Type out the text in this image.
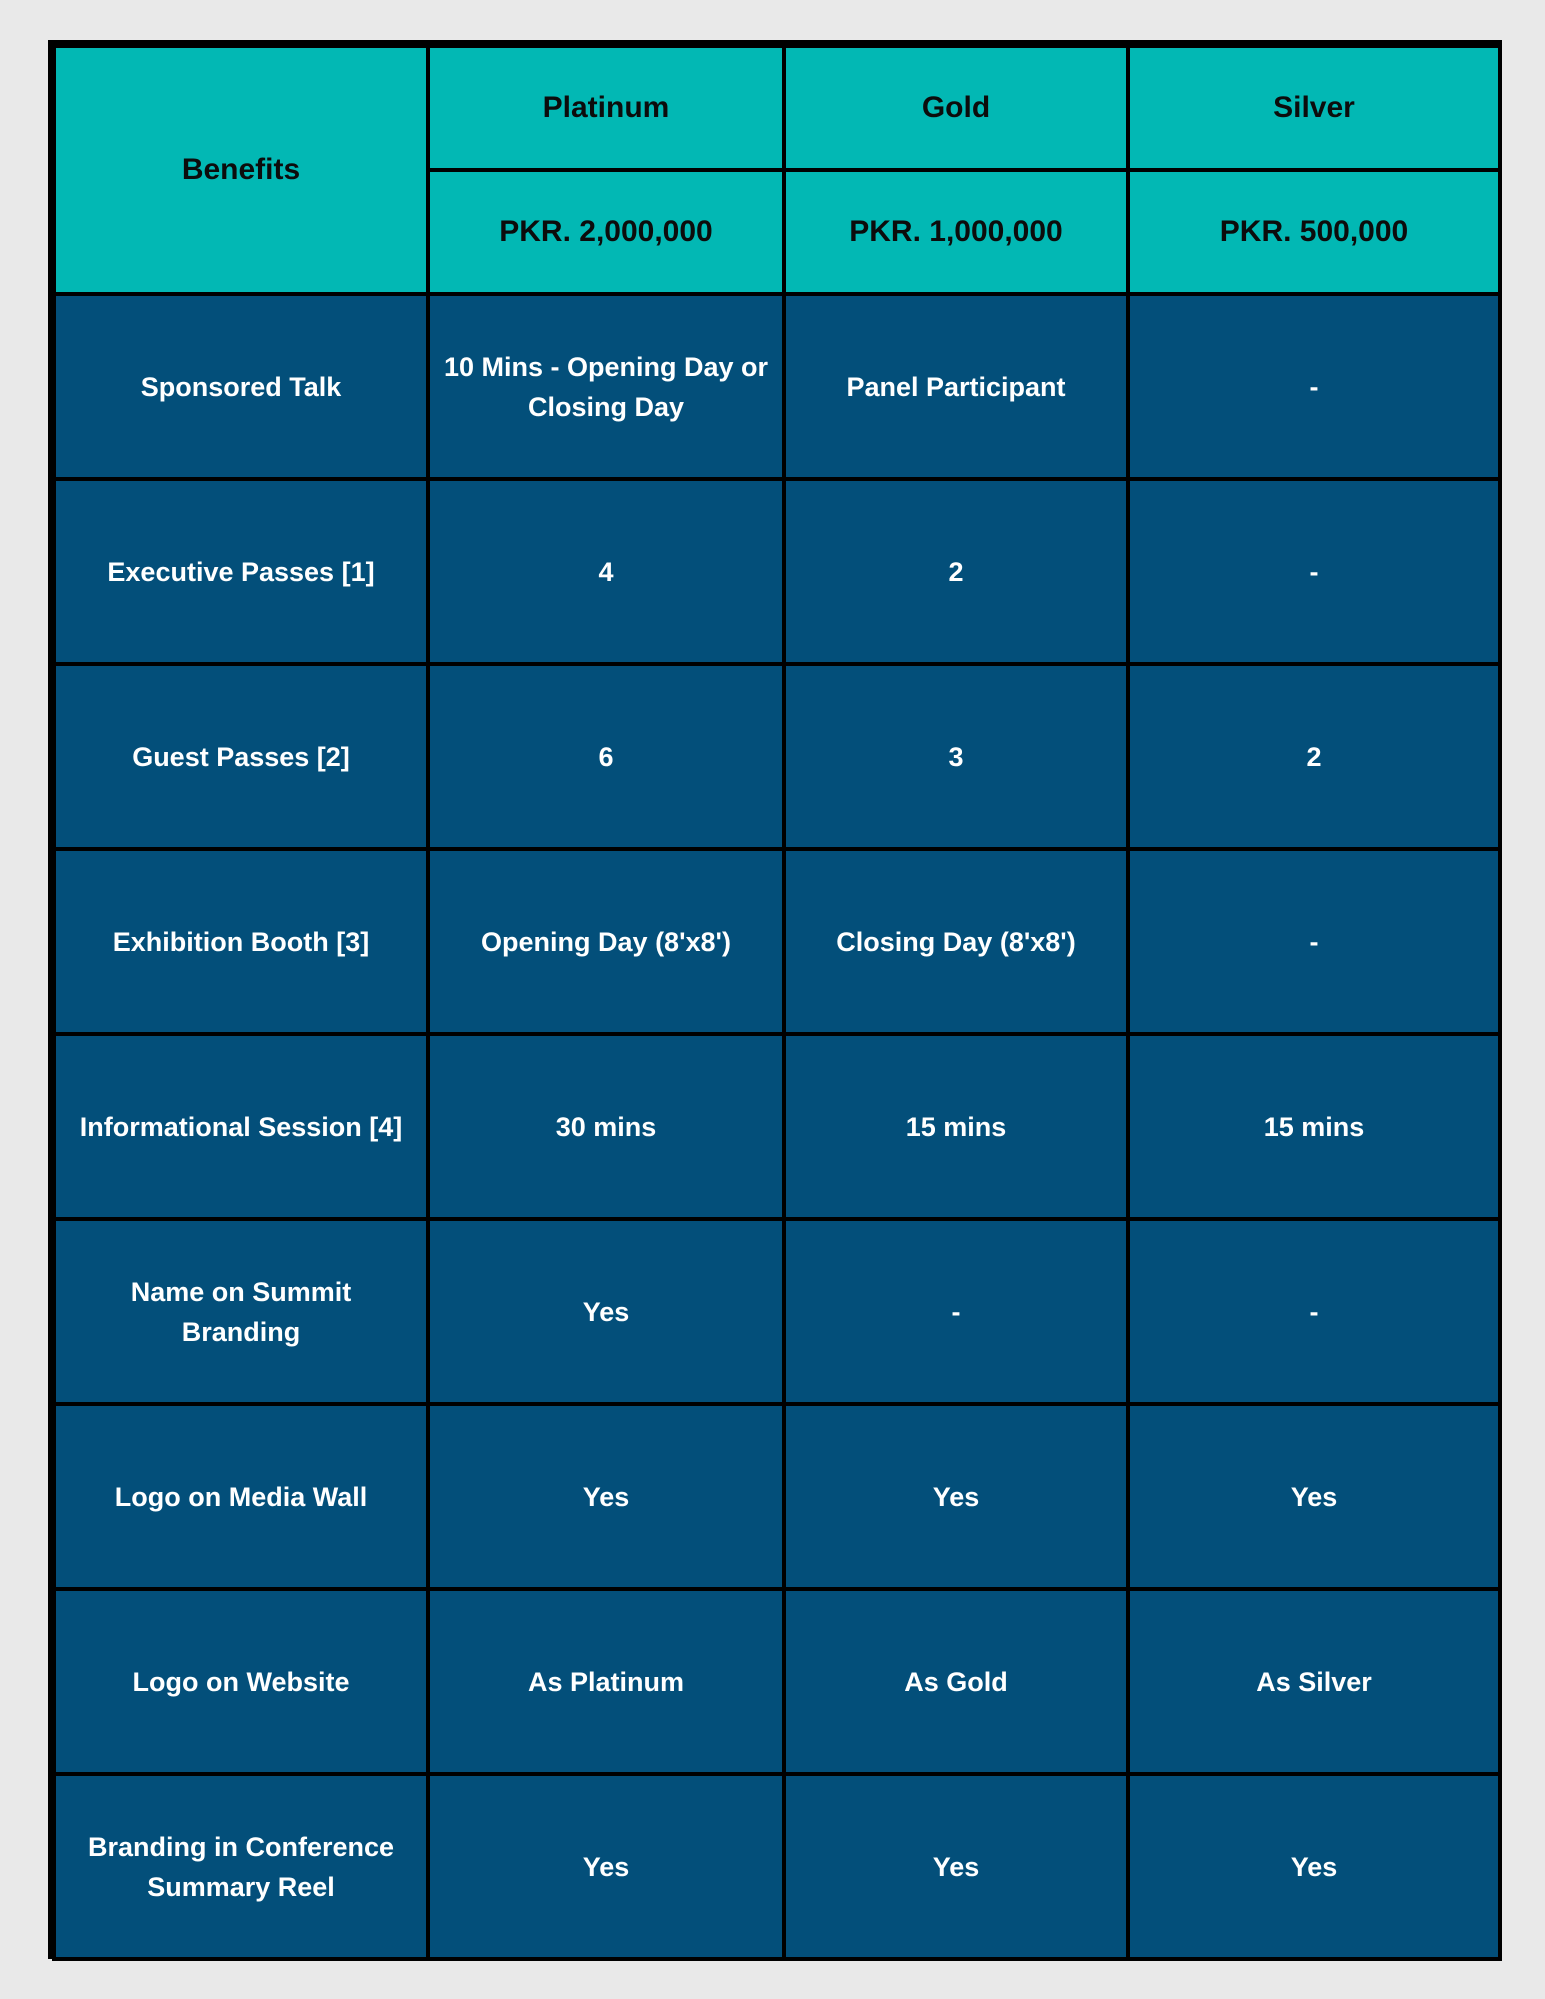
Benefits	Platinum	Gold	Silver
	PKR. 2,000,000	PKR. 1,000,000	PKR. 500,000
Sponsored Talk	10 Mins - Opening Day or Closing Day	Panel Participant	-
Executive Passes [1]	4	2	-
Guest Passes [2]	6	3	2
Exhibition Booth [3]	Opening Day (8'x8')	Closing Day (8'x8')	-
Informational Session [4]	30 mins	15 mins	15 mins
Name on Summit Branding	Yes	-	-
Logo on Media Wall	Yes	Yes	Yes
Logo on Website	As Platinum	As Gold	As Silver
Branding in Conference Summary Reel	Yes	Yes	Yes
